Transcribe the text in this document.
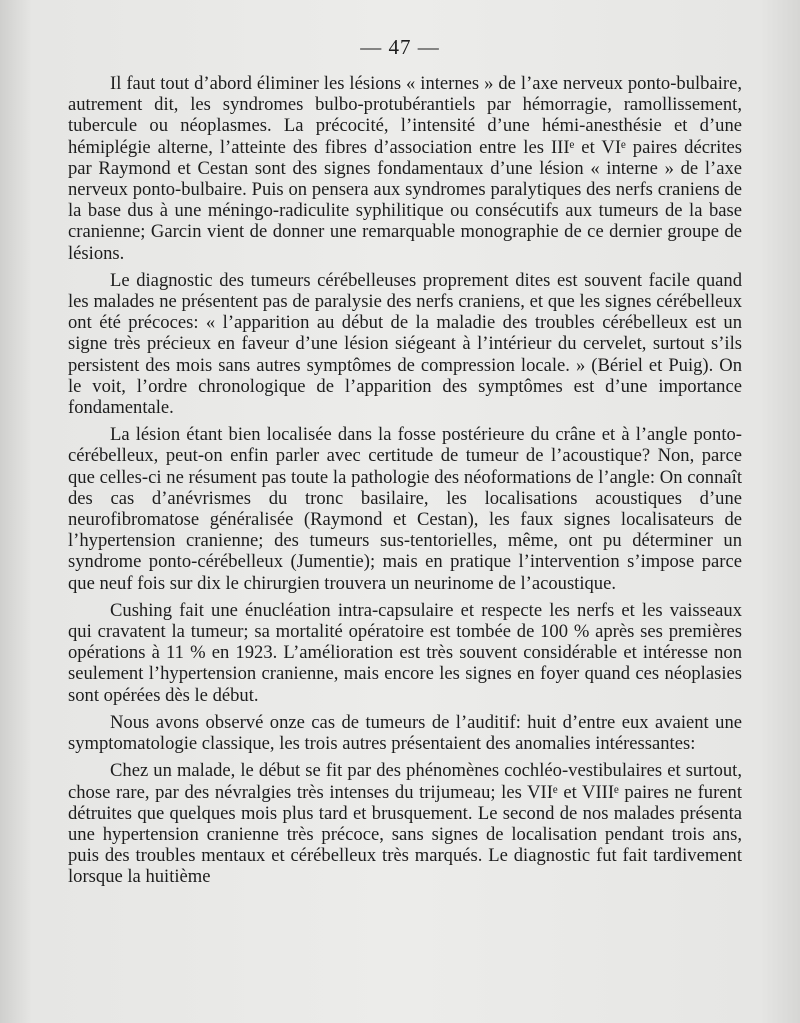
— 47 —

Il faut tout d’abord éliminer les lésions « internes » de l’axe nerveux ponto-bulbaire, autrement dit, les syndromes bulbo-protubérantiels par hémorragie, ramollissement, tubercule ou néoplasmes. La précocité, l’intensité d’une hémi-anesthésie et d’une hémiplégie alterne, l’atteinte des fibres d’association entre les IIIᵉ et VIᵉ paires décrites par Raymond et Cestan sont des signes fondamentaux d’une lésion « interne » de l’axe nerveux ponto-bulbaire. Puis on pensera aux syndromes paralytiques des nerfs craniens de la base dus à une méningo-radiculite syphilitique ou consécutifs aux tumeurs de la base cranienne; Garcin vient de donner une remarquable monographie de ce dernier groupe de lésions.

Le diagnostic des tumeurs cérébelleuses proprement dites est souvent facile quand les malades ne présentent pas de paralysie des nerfs craniens, et que les signes cérébelleux ont été précoces: « l’apparition au début de la maladie des troubles cérébelleux est un signe très précieux en faveur d’une lésion siégeant à l’intérieur du cervelet, surtout s’ils persistent des mois sans autres symptômes de compression locale. » (Bériel et Puig). On le voit, l’ordre chronologique de l’apparition des symptômes est d’une importance fondamentale.

La lésion étant bien localisée dans la fosse postérieure du crâne et à l’angle ponto-cérébelleux, peut-on enfin parler avec certitude de tumeur de l’acoustique? Non, parce que celles-ci ne résument pas toute la pathologie des néoformations de l’angle: On connaît des cas d’anévrismes du tronc basilaire, les localisations acoustiques d’une neurofibromatose généralisée (Raymond et Cestan), les faux signes localisateurs de l’hypertension cranienne; des tumeurs sus-tentorielles, même, ont pu déterminer un syndrome ponto-cérébelleux (Jumentie); mais en pratique l’intervention s’impose parce que neuf fois sur dix le chirurgien trouvera un neurinome de l’acoustique.

Cushing fait une énucléation intra-capsulaire et respecte les nerfs et les vaisseaux qui cravatent la tumeur; sa mortalité opératoire est tombée de 100 % après ses premières opérations à 11 % en 1923. L’amélioration est très souvent considérable et intéresse non seulement l’hypertension cranienne, mais encore les signes en foyer quand ces néoplasies sont opérées dès le début.

Nous avons observé onze cas de tumeurs de l’auditif: huit d’entre eux avaient une symptomatologie classique, les trois autres présentaient des anomalies intéressantes:

Chez un malade, le début se fit par des phénomènes cochléo-vestibulaires et surtout, chose rare, par des névralgies très intenses du trijumeau; les VIIᵉ et VIIIᵉ paires ne furent détruites que quelques mois plus tard et brusquement. Le second de nos malades présenta une hypertension cranienne très précoce, sans signes de localisation pendant trois ans, puis des troubles mentaux et cérébelleux très marqués. Le diagnostic fut fait tardivement lorsque la huitième
